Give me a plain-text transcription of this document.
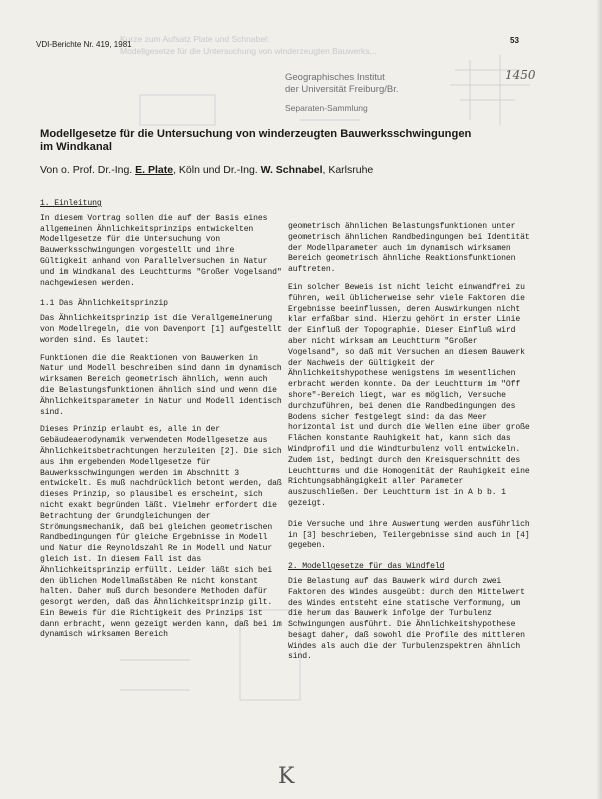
Kurze zum Aufsatz Plate und Schnabel:
Modellgesetze für die Untersuchung von winderzeugten Bauwerks...
VDI-Berichte Nr. 419, 1981	53
Geographisches Institut
der Universität Freiburg/Br.
Separaten-Sammlung
1450
Modellgesetze für die Untersuchung von winderzeugten Bauwerksschwingungen
im Windkanal
Von o. Prof. Dr.-Ing. E. Plate, Köln und Dr.-Ing. W. Schnabel, Karlsruhe
1. Einleitung

In diesem Vortrag sollen die auf der Basis eines allgemeinen Ähnlichkeitsprinzips entwickelten Modellgesetze für die Untersuchung von Bauwerksschwingungen vorgestellt und ihre Gültigkeit anhand von Parallelversuchen in Natur und im Windkanal des Leuchtturms "Großer Vogelsand" nachgewiesen werden.

1.1 Das Ähnlichkeitsprinzip

Das Ähnlichkeitsprinzip ist die Verallgemeinerung von Modellregeln, die von Davenport [1] aufgestellt worden sind. Es lautet:

Funktionen die die Reaktionen von Bauwerken in Natur und Modell beschreiben sind dann im dynamisch wirksamen Bereich geometrisch ähnlich, wenn auch die Belastungsfunktionen ähnlich sind und wenn die Ähnlichkeitsparameter in Natur und Modell identisch sind.

Dieses Prinzip erlaubt es, alle in der Gebäudeaerodynamik verwendeten Modellgesetze aus Ähnlichkeitsbetrachtungen herzuleiten [2]. Die sich aus ihm ergebenden Modellgesetze für Bauwerksschwingungen werden im Abschnitt 3 entwickelt. Es muß nachdrücklich betont werden, daß dieses Prinzip, so plausibel es erscheint, sich nicht exakt begründen läßt. Vielmehr erfordert die Betrachtung der Grundgleichungen der Strömungsmechanik, daß bei gleichen geometrischen Randbedingungen für gleiche Ergebnisse in Modell und Natur die Reynoldszahl Re in Modell und Natur gleich ist. In diesem Fall ist das Ähnlichkeitsprinzip erfüllt. Leider läßt sich bei den üblichen Modellmaßstäben Re nicht konstant halten. Daher muß durch besondere Methoden dafür gesorgt werden, daß das Ähnlichkeitsprinzip gilt. Ein Beweis für die Richtigkeit des Prinzips ist dann erbracht, wenn gezeigt werden kann, daß bei im dynamisch wirksamen Bereich

geometrisch ähnlichen Belastungsfunktionen unter geometrisch ähnlichen Randbedingungen bei Identität der Modellparameter auch im dynamisch wirksamen Bereich geometrisch ähnliche Reaktionsfunktionen auftreten.

Ein solcher Beweis ist nicht leicht einwandfrei zu führen, weil üblicherweise sehr viele Faktoren die Ergebnisse beeinflussen, deren Auswirkungen nicht klar erfaßbar sind. Hierzu gehört in erster Linie der Einfluß der Topographie. Dieser Einfluß wird aber nicht wirksam am Leuchtturm "Großer Vogelsand", so daß mit Versuchen an diesem Bauwerk der Nachweis der Gültigkeit der Ähnlichkeitshypothese wenigstens im wesentlichen erbracht werden konnte. Da der Leuchtturm im "Off shore"-Bereich liegt, war es möglich, Versuche durchzuführen, bei denen die Randbedingungen des Bodens sicher festgelegt sind: da das Meer horizontal ist und durch die Wellen eine über große Flächen konstante Rauhigkeit hat, kann sich das Windprofil und die Windturbulenz voll entwickeln. Zudem ist, bedingt durch den Kreisquerschnitt des Leuchtturms und die Homogenität der Rauhigkeit eine Richtungsabhängigkeit aller Parameter auszuschließen. Der Leuchtturm ist in A b b. 1 gezeigt.

Die Versuche und ihre Auswertung werden ausführlich in [3] beschrieben, Teilergebnisse sind auch in [4] gegeben.

2. Modellgesetze für das Windfeld

Die Belastung auf das Bauwerk wird durch zwei Faktoren des Windes ausgeübt: durch den Mittelwert des Windes entsteht eine statische Verformung, um die herum das Bauwerk infolge der Turbulenz Schwingungen ausführt. Die Ähnlichkeitshypothese besagt daher, daß sowohl die Profile des mittleren Windes als auch die der Turbulenzspektren ähnlich sind.

K
